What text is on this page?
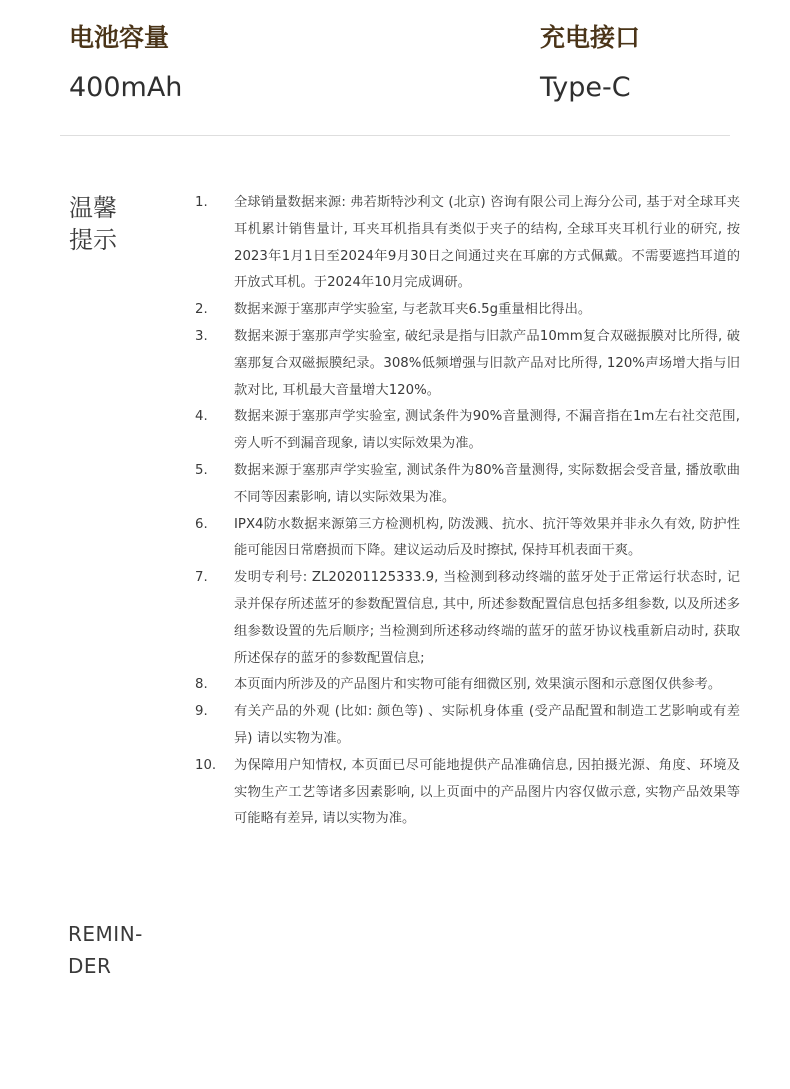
电池容量
400mAh
充电接口
Type-C
温馨提示
1.	全球销量数据来源: 弗若斯特沙利文 (北京) 咨询有限公司上海分公司, 基于对全球耳夹耳机累计销售量计, 耳夹耳机指具有类似于夹子的结构, 全球耳夹耳机行业的研究, 按2023年1月1日至2024年9月30日之间通过夹在耳廓的方式佩戴。不需要遮挡耳道的开放式耳机。于2024年10月完成调研。
2.	数据来源于塞那声学实验室, 与老款耳夹6.5g重量相比得出。
3.	数据来源于塞那声学实验室, 破纪录是指与旧款产品10mm复合双磁振膜对比所得, 破塞那复合双磁振膜纪录。308%低频增强与旧款产品对比所得, 120%声场增大指与旧款对比, 耳机最大音量增大120%。
4.	数据来源于塞那声学实验室, 测试条件为90%音量测得, 不漏音指在1m左右社交范围, 旁人听不到漏音现象, 请以实际效果为准。
5.	数据来源于塞那声学实验室, 测试条件为80%音量测得, 实际数据会受音量, 播放歌曲不同等因素影响, 请以实际效果为准。
6.	IPX4防水数据来源第三方检测机构, 防泼溅、抗水、抗汗等效果并非永久有效, 防护性能可能因日常磨损而下降。建议运动后及时擦拭, 保持耳机表面干爽。
7.	发明专利号: ZL20201125333.9, 当检测到移动终端的蓝牙处于正常运行状态时, 记录并保存所述蓝牙的参数配置信息, 其中, 所述参数配置信息包括多组参数, 以及所述多组参数设置的先后顺序; 当检测到所述移动终端的蓝牙的蓝牙协议栈重新启动时, 获取所述保存的蓝牙的参数配置信息;
8.	本页面内所涉及的产品图片和实物可能有细微区别, 效果演示图和示意图仅供参考。
9.	有关产品的外观 (比如: 颜色等) 、实际机身体重 (受产品配置和制造工艺影响或有差异) 请以实物为准。
10.	为保障用户知情权, 本页面已尽可能地提供产品准确信息, 因拍摄光源、角度、环境及实物生产工艺等诸多因素影响, 以上页面中的产品图片内容仅做示意, 实物产品效果等可能略有差异, 请以实物为准。
REMIN-DER
